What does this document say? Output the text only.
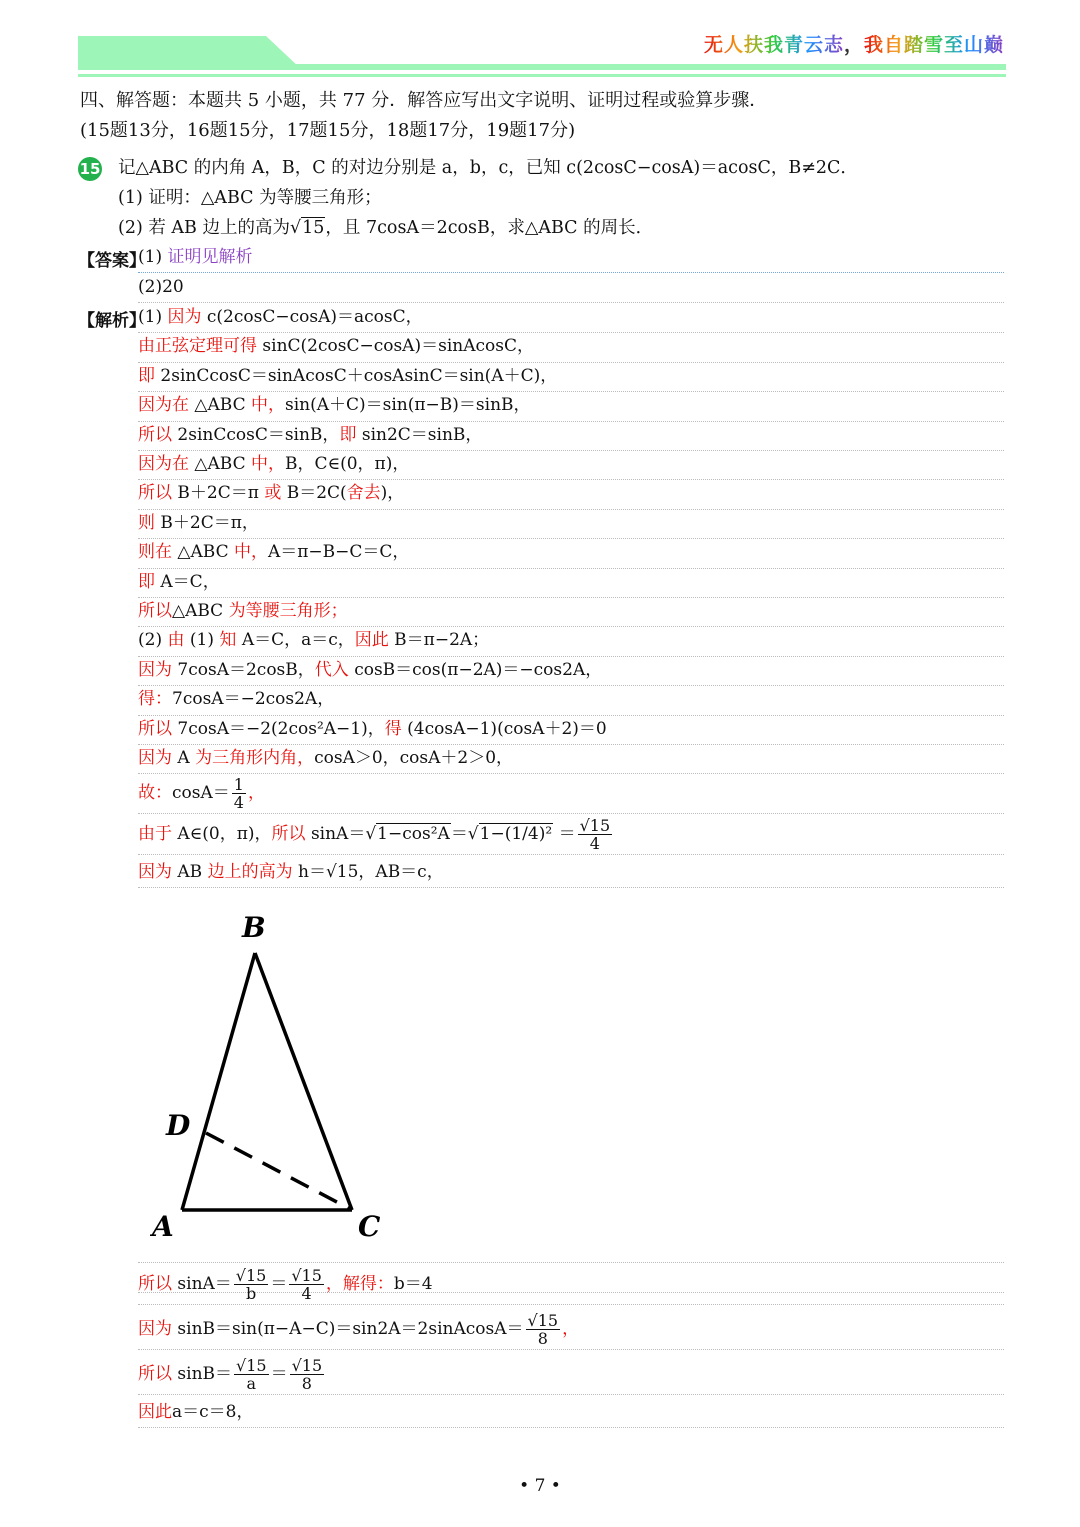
无人扶我青云志，我自踏雪至山巅
四、解答题：本题共 5 小题，共 77 分．解答应写出文字说明、证明过程或验算步骤．
(15题13分，16题15分，17题15分，18题17分，19题17分)
15 记△ABC 的内角 A，B，C 的对边分别是 a，b，c，已知 c(2cosC−cosA)＝acosC，B≠2C．
(1) 证明：△ABC 为等腰三角形；
(2) 若 AB 边上的高为√15，且 7cosA＝2cosB，求△ABC 的周长．
【答案】
(1) 证明见解析
(2)20
【解析】
(1) 因为 c(2cosC−cosA)＝acosC，
由正弦定理可得 sinC(2cosC−cosA)＝sinAcosC，
即 2sinCcosC＝sinAcosC＋cosAsinC＝sin(A＋C)，
因为在 △ABC 中，sin(A＋C)＝sin(π−B)＝sinB，
所以 2sinCcosC＝sinB，即 sin2C＝sinB，
因为在 △ABC 中，B，C∈(0，π)，
所以 B＋2C＝π 或 B＝2C(舍去)，
则 B＋2C＝π，
则在 △ABC 中，A＝π−B−C＝C，
即 A＝C，
所以△ABC 为等腰三角形；
(2) 由 (1) 知 A＝C，a＝c，因此 B＝π−2A；
因为 7cosA＝2cosB，代入 cosB＝cos(π−2A)＝−cos2A，
得：7cosA＝−2cos2A，
所以 7cosA＝−2(2cos²A−1)，得 (4cosA−1)(cosA＋2)＝0
因为 A 为三角形内角，cosA＞0，cosA＋2＞0，
故：$\cos A= \frac{1}{4}$ ，
由于 A∈(0，π)，所以 $\sin A=√1-\cos^2A=√1-(1/4)^2 = \frac{√15}{4}$
因为 AB 边上的高为 h＝√15，AB＝c，
B
D
A	C
所以 $\sin A= \frac{√15}{b} = \frac{√15}{4}$ ，解得：b＝4
因为 sinB＝sin(π−A−C)＝sin2A＝2sinAcosA＝ $\frac{√15}{8}$ ，
所以 $\sin B= \frac{√15}{a} = \frac{√15}{8}$
因此a＝c＝8，
• 7 •
